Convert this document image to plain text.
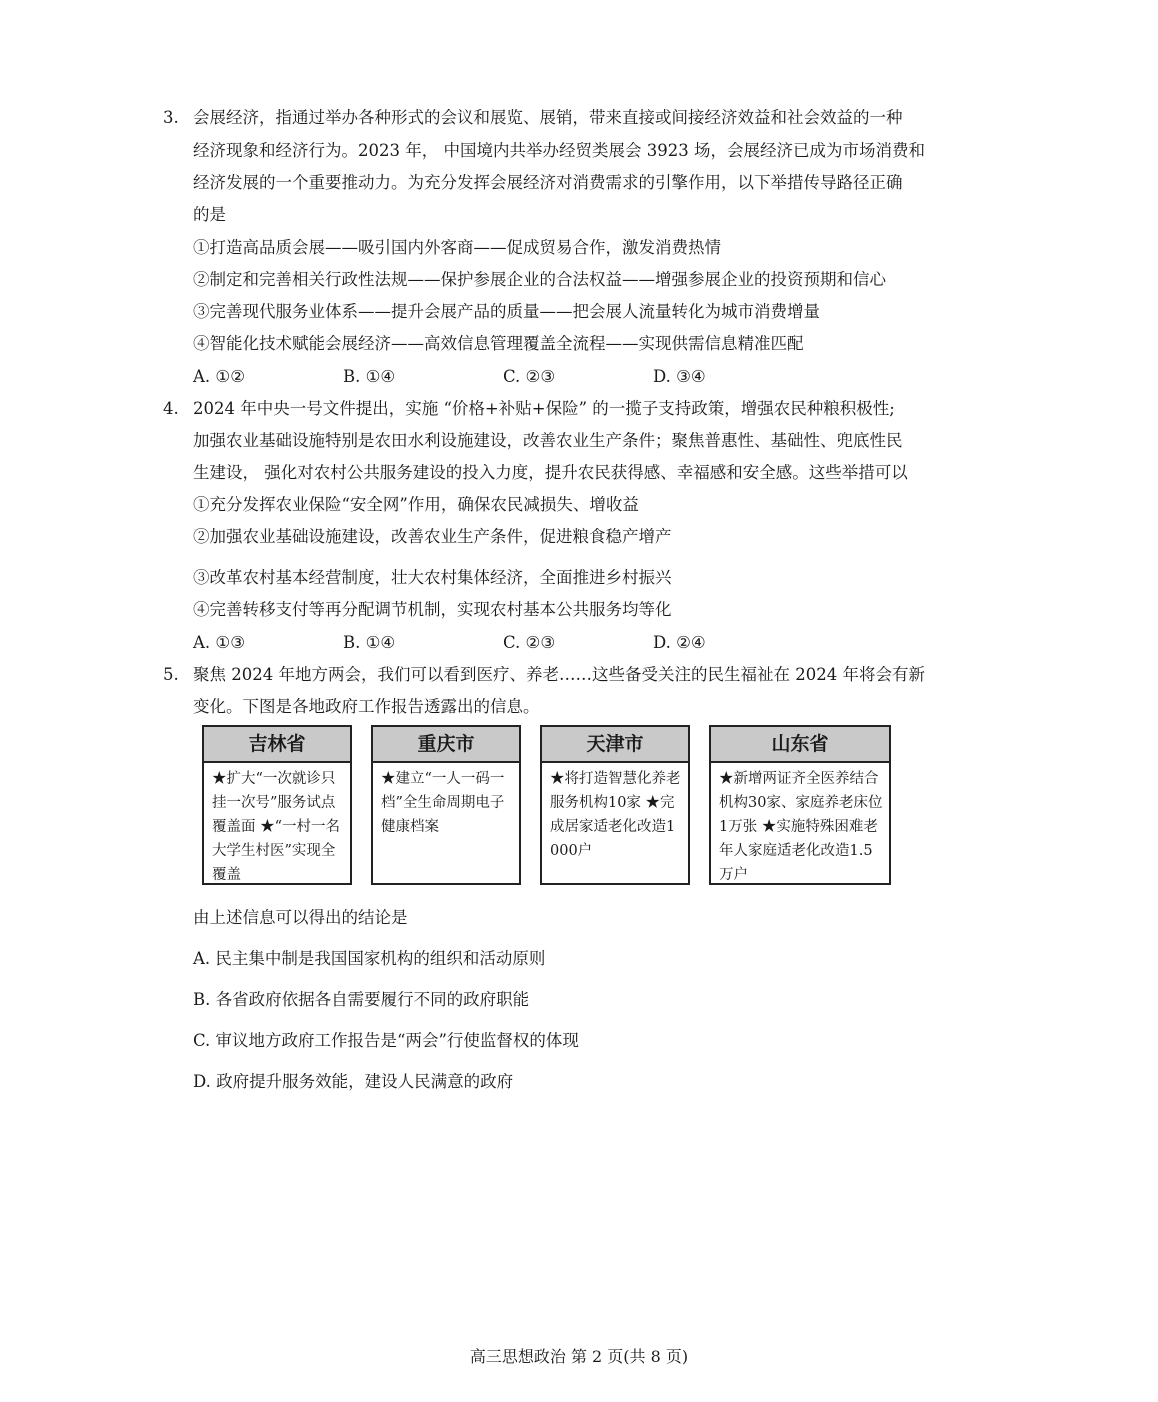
3. 会展经济，指通过举办各种形式的会议和展览、展销，带来直接或间接经济效益和社会效益的一种
经济现象和经济行为。2023 年， 中国境内共举办经贸类展会 3923 场，会展经济已成为市场消费和
经济发展的一个重要推动力。为充分发挥会展经济对消费需求的引擎作用，以下举措传导路径正确
的是
①打造高品质会展——吸引国内外客商——促成贸易合作，激发消费热情
②制定和完善相关行政性法规——保护参展企业的合法权益——增强参展企业的投资预期和信心
③完善现代服务业体系——提升会展产品的质量——把会展人流量转化为城市消费增量
④智能化技术赋能会展经济——高效信息管理覆盖全流程——实现供需信息精准匹配
A. ①②	B. ①④	C. ②③	D. ③④
4. 2024 年中央一号文件提出，实施 “价格+补贴+保险” 的一揽子支持政策，增强农民种粮积极性;
加强农业基础设施特别是农田水利设施建设，改善农业生产条件；聚焦普惠性、基础性、兜底性民
生建设， 强化对农村公共服务建设的投入力度，提升农民获得感、幸福感和安全感。这些举措可以
①充分发挥农业保险“安全网”作用，确保农民减损失、增收益
②加强农业基础设施建设，改善农业生产条件，促进粮食稳产增产
③改革农村基本经营制度，壮大农村集体经济，全面推进乡村振兴
④完善转移支付等再分配调节机制，实现农村基本公共服务均等化
A. ①③	B. ①④	C. ②③	D. ②④
5. 聚焦 2024 年地方两会，我们可以看到医疗、养老……这些备受关注的民生福祉在 2024 年将会有新
变化。下图是各地政府工作报告透露出的信息。
吉林省
★扩大“一次就诊只挂一次号”服务试点覆盖面 ★“一村一名大学生村医”实现全覆盖
重庆市
★建立“一人一码一档”全生命周期电子健康档案
天津市
★将打造智慧化养老服务机构10家 ★完成居家适老化改造1000户
山东省
★新增两证齐全医养结合机构30家、家庭养老床位1万张 ★实施特殊困难老年人家庭适老化改造1.5万户
由上述信息可以得出的结论是
A. 民主集中制是我国国家机构的组织和活动原则
B. 各省政府依据各自需要履行不同的政府职能
C. 审议地方政府工作报告是“两会”行使监督权的体现
D. 政府提升服务效能，建设人民满意的政府
高三思想政治 第 2 页(共 8 页)
